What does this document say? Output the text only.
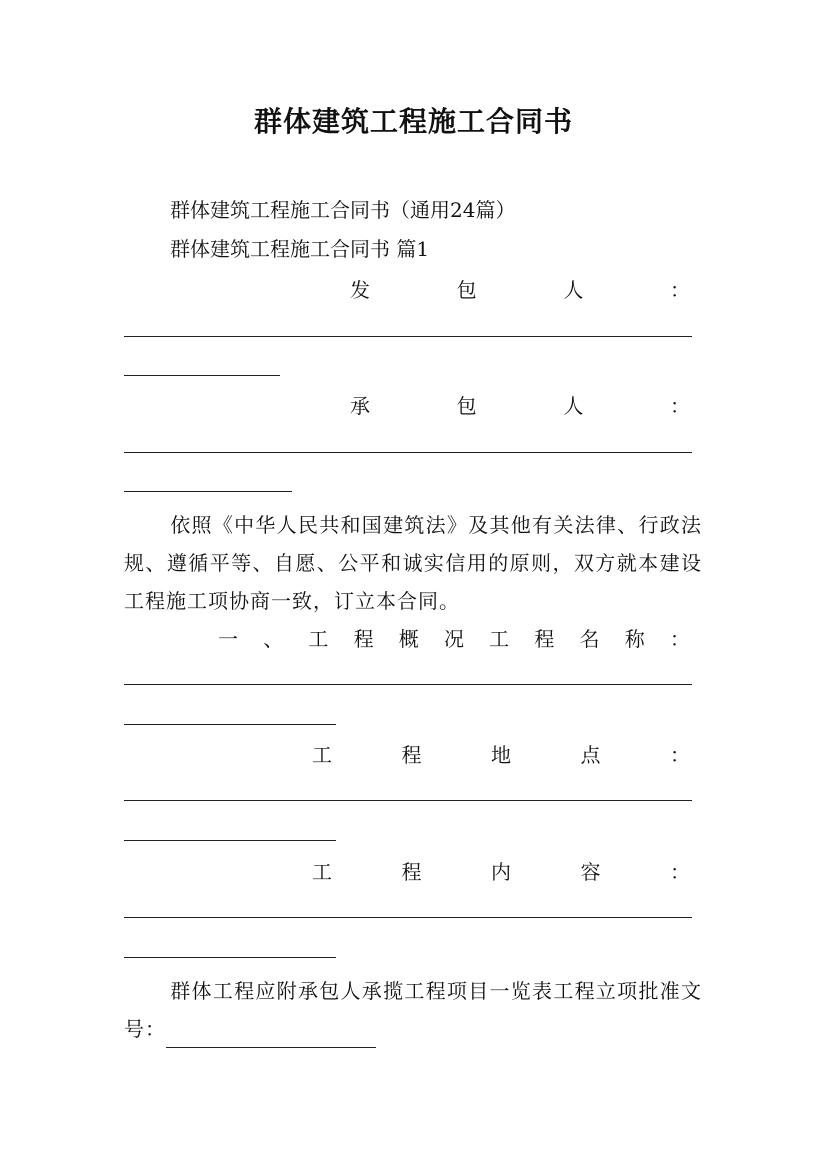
群体建筑工程施工合同书
群体建筑工程施工合同书（通用24篇）
群体建筑工程施工合同书 篇1
发	包	人	：
承	包	人	：
依照《中华人民共和国建筑法》及其他有关法律、行政法规、遵循平等、自愿、公平和诚实信用的原则，双方就本建设工程施工项协商一致，订立本合同。
一 、 工 程 概 况 工 程 名 称 ：
工	程	地	点	：
工	程	内	容	：
群体工程应附承包人承揽工程项目一览表工程立项批准文号：
